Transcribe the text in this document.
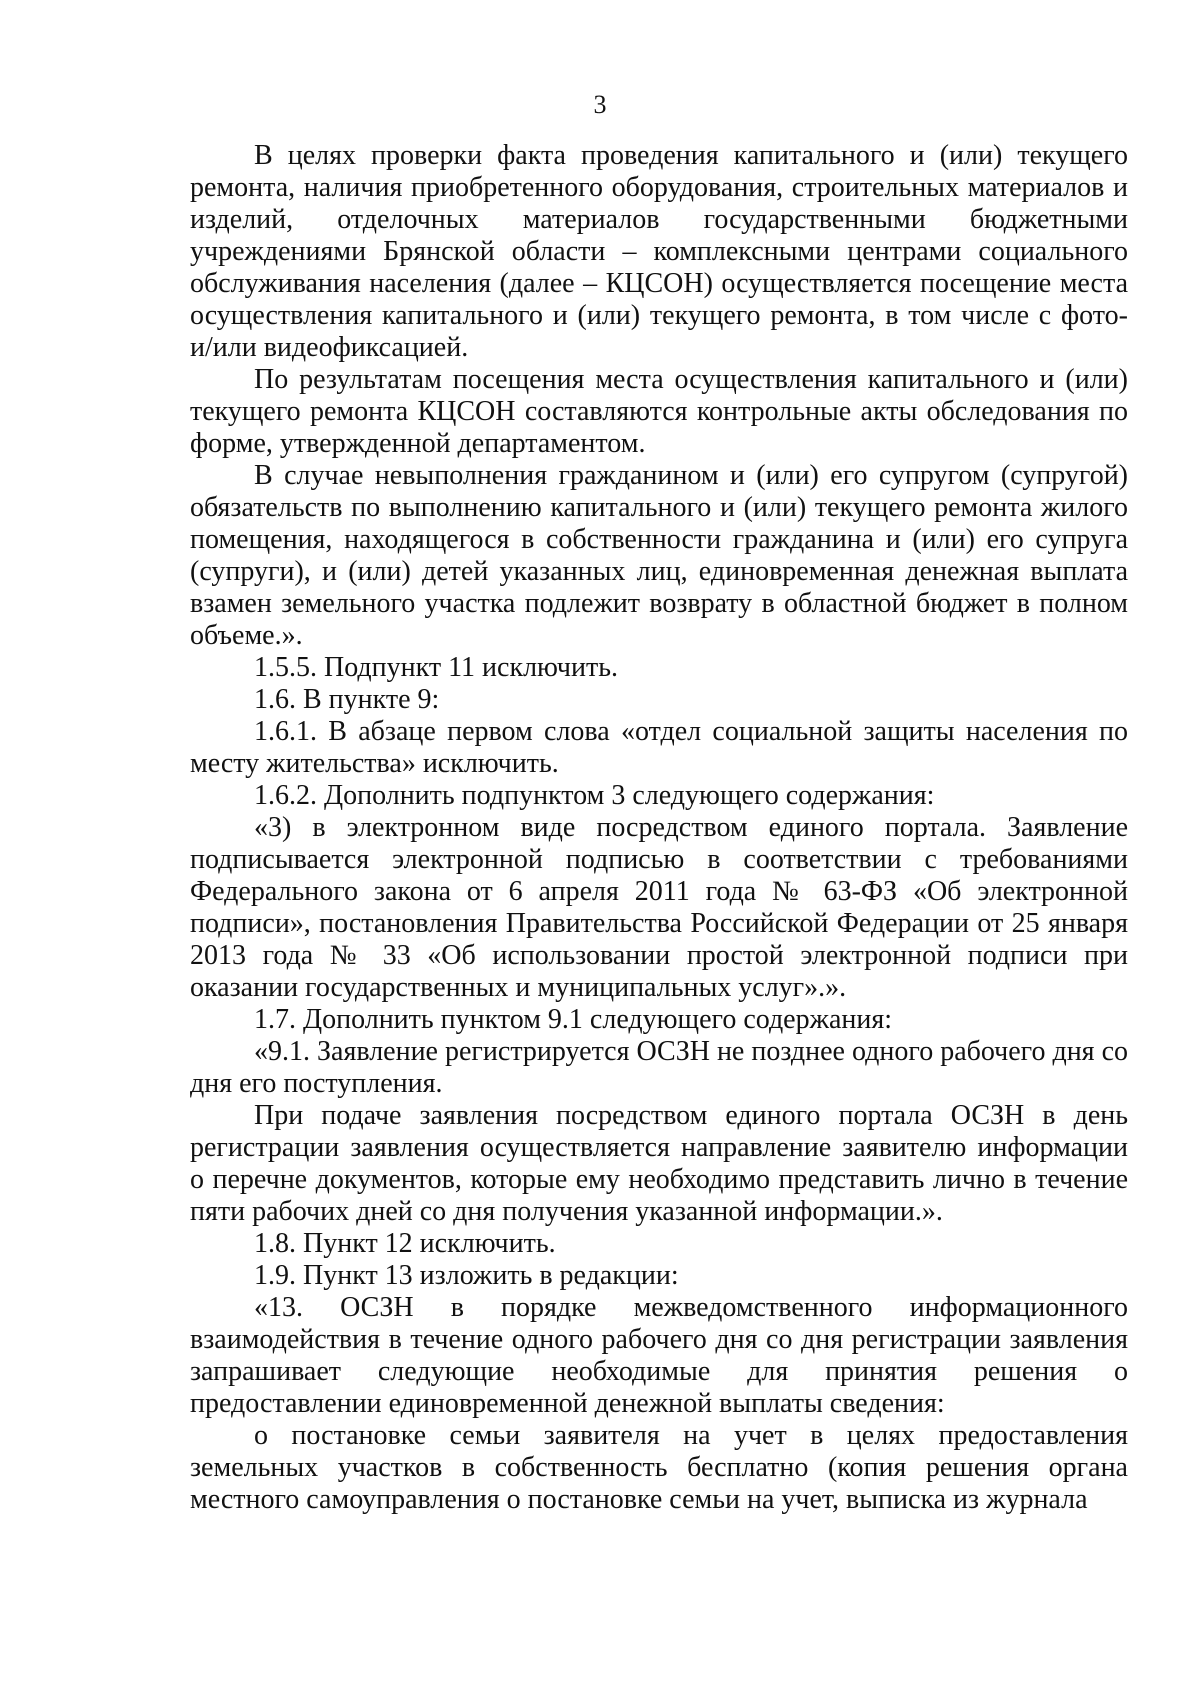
3

В целях проверки факта проведения капитального и (или) текущего ремонта, наличия приобретенного оборудования, строительных материалов и изделий, отделочных материалов государственными бюджетными учреждениями Брянской области – комплексными центрами социального обслуживания населения (далее – КЦСОН) осуществляется посещение места осуществления капитального и (или) текущего ремонта, в том числе с фото- и/или видеофиксацией.

По результатам посещения места осуществления капитального и (или) текущего ремонта КЦСОН составляются контрольные акты обследования по форме, утвержденной департаментом.

В случае невыполнения гражданином и (или) его супругом (супругой) обязательств по выполнению капитального и (или) текущего ремонта жилого помещения, находящегося в собственности гражданина и (или) его супруга (супруги), и (или) детей указанных лиц, единовременная денежная выплата взамен земельного участка подлежит возврату в областной бюджет в полном объеме.».

1.5.5. Подпункт 11 исключить.

1.6. В пункте 9:

1.6.1. В абзаце первом слова «отдел социальной защиты населения по месту жительства» исключить.

1.6.2. Дополнить подпунктом 3 следующего содержания:

«3) в электронном виде посредством единого портала. Заявление подписывается электронной подписью в соответствии с требованиями Федерального закона от 6 апреля 2011 года № 63-ФЗ «Об электронной подписи», постановления Правительства Российской Федерации от 25 января 2013 года № 33 «Об использовании простой электронной подписи при оказании государственных и муниципальных услуг».».

1.7. Дополнить пунктом 9.1 следующего содержания:

«9.1. Заявление регистрируется ОСЗН не позднее одного рабочего дня со дня его поступления.

При подаче заявления посредством единого портала ОСЗН в день регистрации заявления осуществляется направление заявителю информации о перечне документов, которые ему необходимо представить лично в течение пяти рабочих дней со дня получения указанной информации.».

1.8. Пункт 12 исключить.

1.9. Пункт 13 изложить в редакции:

«13. ОСЗН в порядке межведомственного информационного взаимодействия в течение одного рабочего дня со дня регистрации заявления запрашивает следующие необходимые для принятия решения о предоставлении единовременной денежной выплаты сведения:

о постановке семьи заявителя на учет в целях предоставления земельных участков в собственность бесплатно (копия решения органа местного самоуправления о постановке семьи на учет, выписка из журнала
